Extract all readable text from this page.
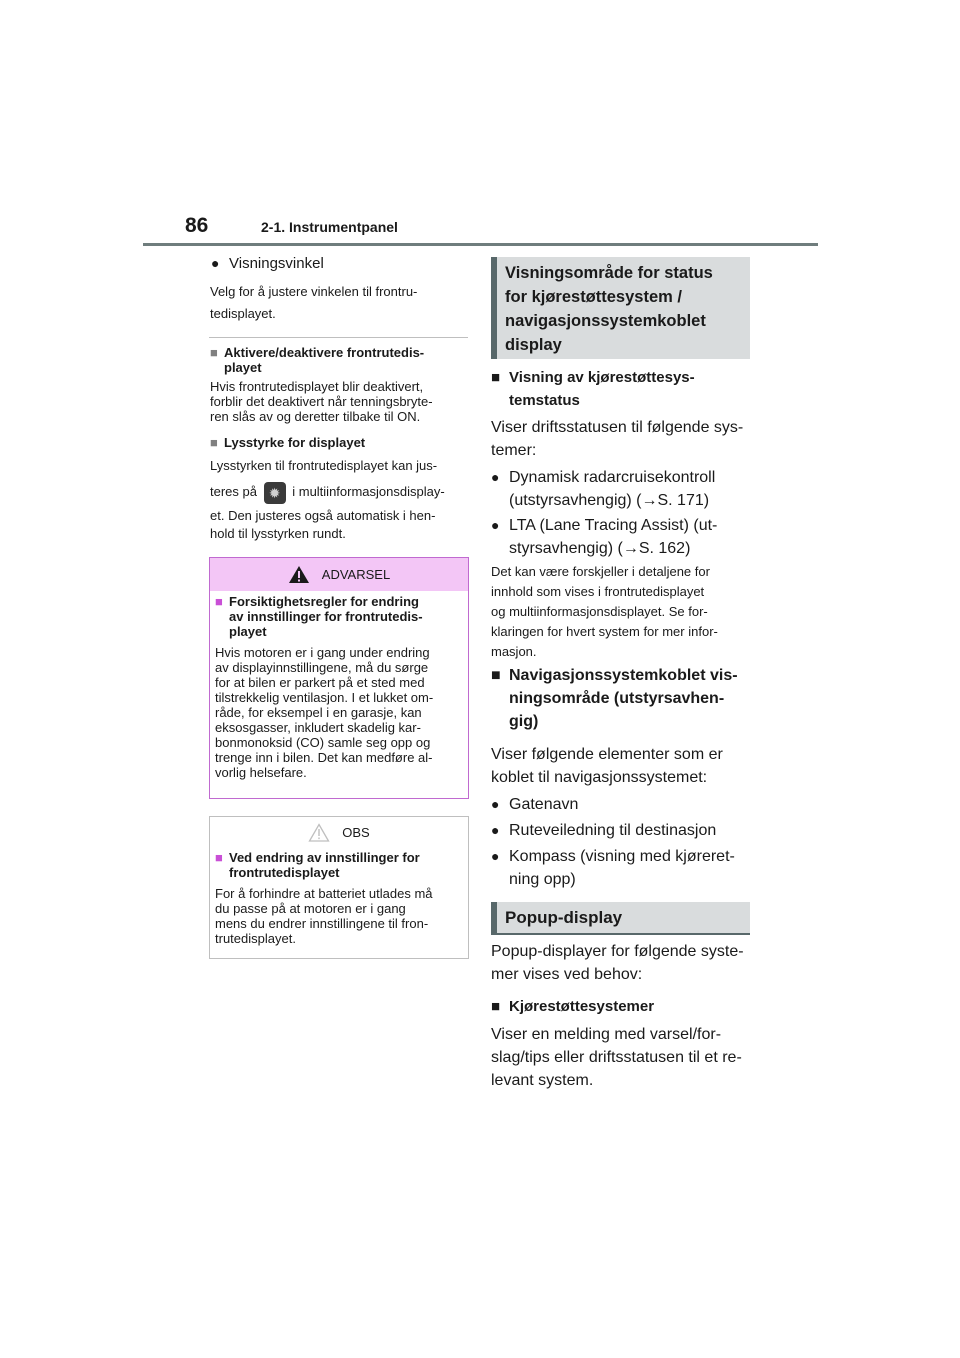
86	2-1. Instrumentpanel
● Visningsvinkel
Velg for å justere vinkelen til frontru-
tedisplayet.
■ Aktivere/deaktivere frontrutedis-
playet
Hvis frontrutedisplayet blir deaktivert,
forblir det deaktivert når tenningsbryte-
ren slås av og deretter tilbake til ON.
■ Lysstyrke for displayet
Lysstyrken til frontrutedisplayet kan jus-
teres på ✹ i multiinformasjonsdisplay-
et. Den justeres også automatisk i hen-
hold til lysstyrken rundt.
ADVARSEL
■ Forsiktighetsregler for endring
av innstillinger for frontrutedis-
playet
Hvis motoren er i gang under endring
av displayinnstillingene, må du sørge
for at bilen er parkert på et sted med
tilstrekkelig ventilasjon. I et lukket om-
råde, for eksempel i en garasje, kan
eksosgasser, inkludert skadelig kar-
bonmonoksid (CO) samle seg opp og
trenge inn i bilen. Det kan medføre al-
vorlig helsefare.
OBS
■ Ved endring av innstillinger for
frontrutedisplayet
For å forhindre at batteriet utlades må
du passe på at motoren er i gang
mens du endrer innstillingene til fron-
trutedisplayet.
Visningsområde for status
for kjørestøttesystem /
navigasjonssystemkoblet
display
■ Visning av kjørestøttesys-
temstatus
Viser driftsstatusen til følgende sys-
temer:
● Dynamisk radarcruisekontroll
(utstyrsavhengig) (→S. 171)
● LTA (Lane Tracing Assist) (ut-
styrsavhengig) (→S. 162)
Det kan være forskjeller i detaljene for
innhold som vises i frontrutedisplayet
og multiinformasjonsdisplayet. Se for-
klaringen for hvert system for mer infor-
masjon.
■ Navigasjonssystemkoblet vis-
ningsområde (utstyrsavhen-
gig)
Viser følgende elementer som er
koblet til navigasjonssystemet:
● Gatenavn
● Ruteveiledning til destinasjon
● Kompass (visning med kjøreret-
ning opp)
Popup-display
Popup-displayer for følgende syste-
mer vises ved behov:
■ Kjørestøttesystemer
Viser en melding med varsel/for-
slag/tips eller driftsstatusen til et re-
levant system.
